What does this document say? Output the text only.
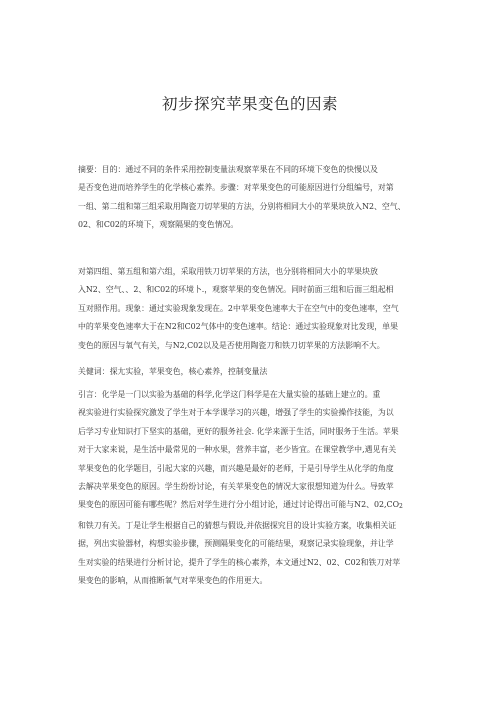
初步探究苹果变色的因素

摘要：目的：通过不同的条件采用控制变量法观察苹果在不同的环境下变色的快慢以及
是否变色进而培养学生的化学核心素养。步骤：对苹果变色的可能原因进行分组编号，对第
一组、第二组和第三组采取用陶瓷刀切苹果的方法，分别将相同大小的苹果块放入N2、空气、
02、和C02的环境下，观察隔果的变色情况。

对第四组、第五组和第六组，采取用铁刀切苹果的方法，也分别将相同大小的苹果块放
入N2、空气、、2、和C02的环境卜.，观察苹果的变色情况。同时前面三组和后面三组起相
互对照作用。现象：通过实验现象发现在。2中苹果变色速率大于在空气中的变色速率，空气
中的苹果变色速率大于在N2和C02气体中的变色速率。结论：通过实验现象对比发现，单果
变色的原因与氧气有关，与N2,C02以及是否使用陶瓷刀和铁刀切苹果的方法影响不大。

关健词：探尢实验，苹果变色，核心素养，控制变量法

引言：化学是一门以实验为基础的科学,化学这门科学是在大量实验的基础上建立的。重
视实验进行实验探究激发了学生对于本学课学习的兴趣，增强了学生的实验操作技能，为以
后学习专业知识打下坚实的基础，更好的服务社会. 化学来源于生活，同时服务于生活。苹果
对于大家来说，是生活中最常见的一种水果，营养丰富，老少皆宜。在课堂教学中,遇见有关
苹果变色的化学题目，引起大家的兴趣，而兴趣是最好的老师，于是引导学生从化学的角度
去解决苹果变色的原因。学生纷纷讨论，有关苹果变色的情况大家很想知道为什么。导致苹
果变色的原因可能有哪些呢？然后对学生进行分小组讨论，通过讨论得出可能与N2、$02,CO_2$
和铁刀有关。丁是让学生根据自己的猜想与假设,并依据探究目的设计实验方案，收集相关证
据，列出实验器材，构想实验步骤，预测隔果变化的可能结果，观察记录实验现象，并让学
生对实验的结果进行分析讨论，提升了学生的核心素养，本文通过N2、02、C02和铁刀对苹
果变色的影响，从而推断氧气对苹果变色的作用更大。
